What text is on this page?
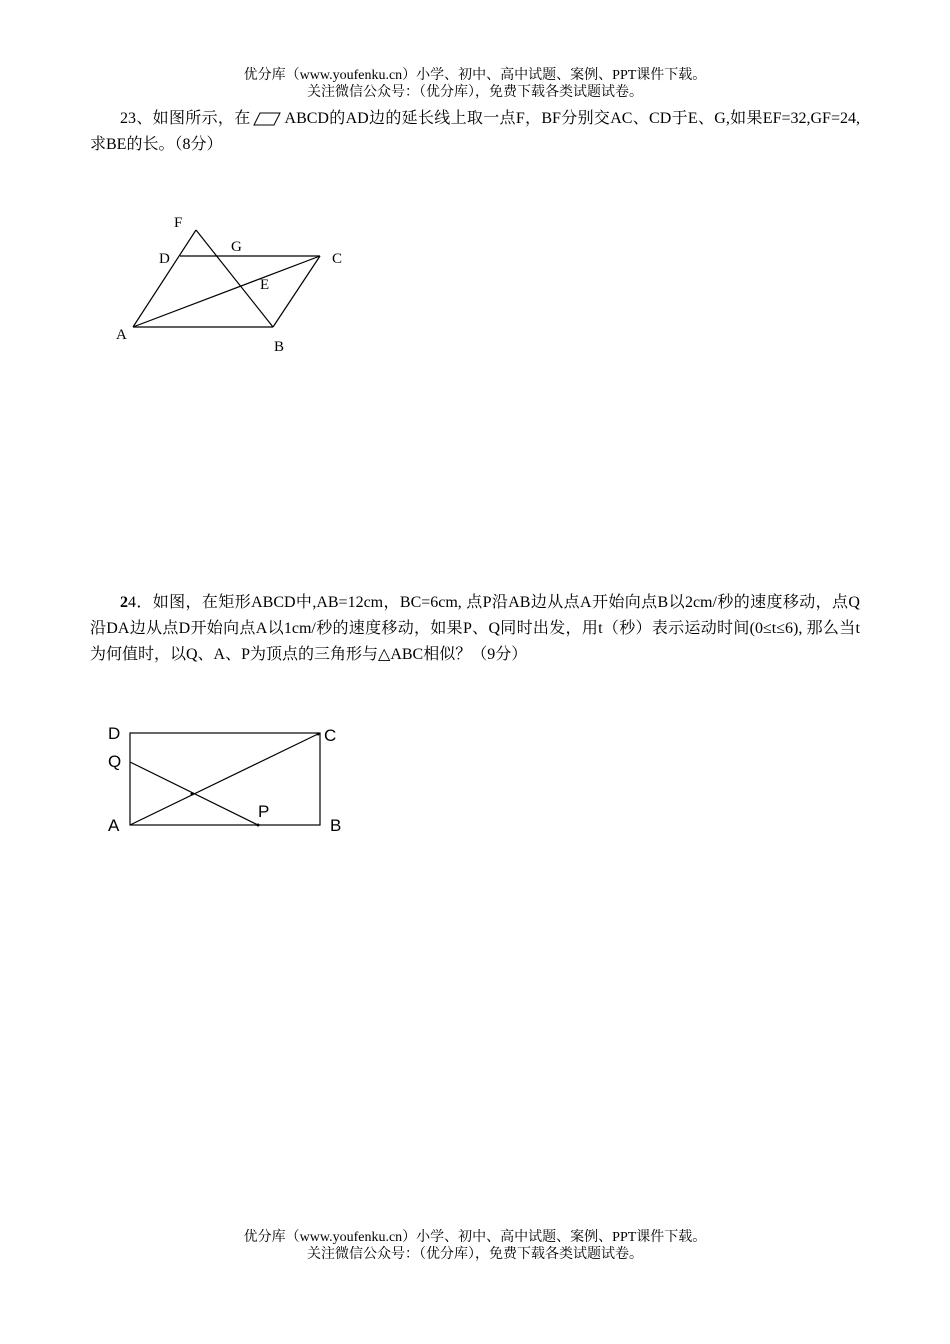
优分库（www.youfenku.cn）小学、初中、高中试题、案例、PPT课件下载。
关注微信公众号：（优分库），免费下载各类试题试卷。
23、如图所示，在 ABCD的AD边的延长线上取一点F，BF分别交AC、CD于E、G,如果EF=32,GF=24,求BE的长。（8分）
F
G
D	C
E
A
B
24．如图，在矩形ABCD中,AB=12cm，BC=6cm, 点P沿AB边从点A开始向点B以2cm/秒的速度移动，点Q沿DA边从点D开始向点A以1cm/秒的速度移动，如果P、Q同时出发，用t（秒）表示运动时间(0≤t≤6), 那么当t为何值时，以Q、A、P为顶点的三角形与△ABC相似？（9分）
D	C
Q
P
A	B
优分库（www.youfenku.cn）小学、初中、高中试题、案例、PPT课件下载。
关注微信公众号：（优分库），免费下载各类试题试卷。
